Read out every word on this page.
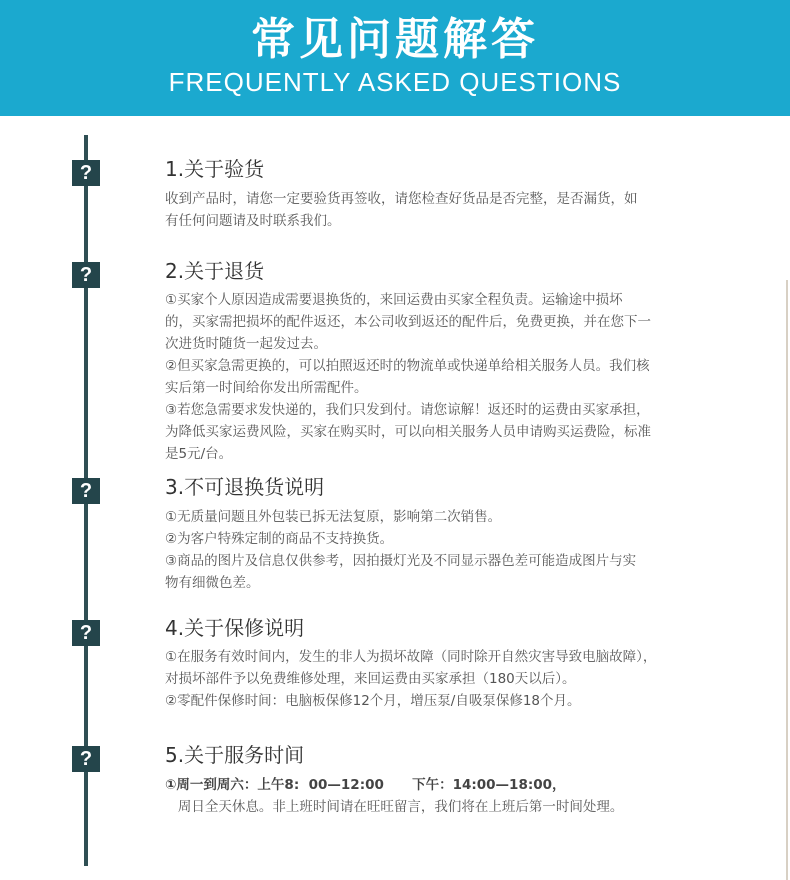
常见问题解答
FREQUENTLY ASKED QUESTIONS
?	1.关于验货

收到产品时，请您一定要验货再签收，请您检查好货品是否完整，是否漏货，如

有任何问题请及时联系我们。

?	2.关于退货

①买家个人原因造成需要退换货的，来回运费由买家全程负责。运输途中损坏

的，买家需把损坏的配件返还，本公司收到返还的配件后，免费更换，并在您下一

次进货时随货一起发过去。

②但买家急需更换的，可以拍照返还时的物流单或快递单给相关服务人员。我们核

实后第一时间给你发出所需配件。

③若您急需要求发快递的，我们只发到付。请您谅解！返还时的运费由买家承担，

为降低买家运费风险，买家在购买时，可以向相关服务人员申请购买运费险，标准

是5元/台。

?	3.不可退换货说明

①无质量问题且外包装已拆无法复原，影响第二次销售。

②为客户特殊定制的商品不支持换货。

③商品的图片及信息仅供参考，因拍摄灯光及不同显示器色差可能造成图片与实

物有细微色差。

?	4.关于保修说明

①在服务有效时间内，发生的非人为损坏故障（同时除开自然灾害导致电脑故障），

对损坏部件予以免费维修处理，来回运费由买家承担（180天以后）。

②零配件保修时间：电脑板保修12个月，增压泵/自吸泵保修18个月。

?	5.关于服务时间

①周一到周六：上午8:  00—12:00      下午：14:00—18:00，

周日全天休息。非上班时间请在旺旺留言，我们将在上班后第一时间处理。
